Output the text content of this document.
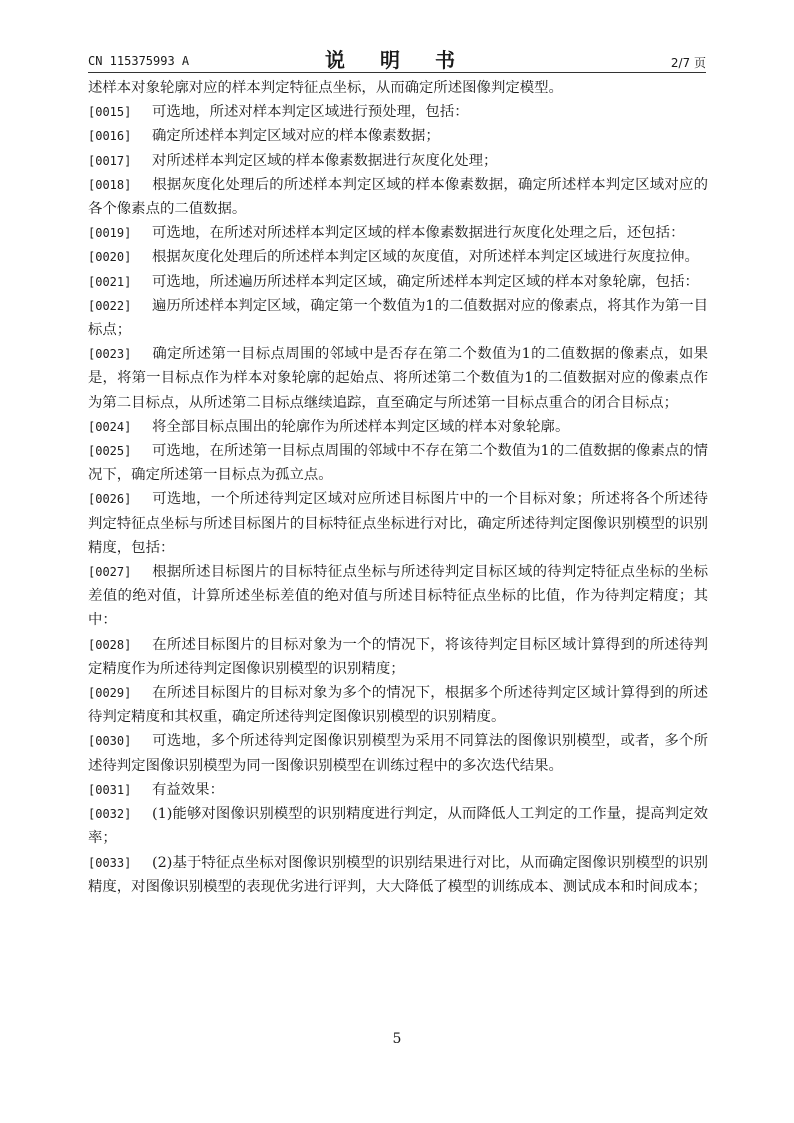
CN 115375993 A	说 明 书	2/7 页

述样本对象轮廓对应的样本判定特征点坐标，从而确定所述图像判定模型。

[0015] 可选地，所述对样本判定区域进行预处理，包括：

[0016] 确定所述样本判定区域对应的样本像素数据；

[0017] 对所述样本判定区域的样本像素数据进行灰度化处理；

[0018] 根据灰度化处理后的所述样本判定区域的样本像素数据，确定所述样本判定区域对应的各个像素点的二值数据。

[0019] 可选地，在所述对所述样本判定区域的样本像素数据进行灰度化处理之后，还包括：

[0020] 根据灰度化处理后的所述样本判定区域的灰度值，对所述样本判定区域进行灰度拉伸。

[0021] 可选地，所述遍历所述样本判定区域，确定所述样本判定区域的样本对象轮廓，包括：

[0022] 遍历所述样本判定区域，确定第一个数值为1的二值数据对应的像素点，将其作为第一目标点；

[0023] 确定所述第一目标点周围的邻域中是否存在第二个数值为1的二值数据的像素点，如果是，将第一目标点作为样本对象轮廓的起始点、将所述第二个数值为1的二值数据对应的像素点作为第二目标点，从所述第二目标点继续追踪，直至确定与所述第一目标点重合的闭合目标点；

[0024] 将全部目标点围出的轮廓作为所述样本判定区域的样本对象轮廓。

[0025] 可选地，在所述第一目标点周围的邻域中不存在第二个数值为1的二值数据的像素点的情况下，确定所述第一目标点为孤立点。

[0026] 可选地，一个所述待判定区域对应所述目标图片中的一个目标对象；所述将各个所述待判定特征点坐标与所述目标图片的目标特征点坐标进行对比，确定所述待判定图像识别模型的识别精度，包括：

[0027] 根据所述目标图片的目标特征点坐标与所述待判定目标区域的待判定特征点坐标的坐标差值的绝对值，计算所述坐标差值的绝对值与所述目标特征点坐标的比值，作为待判定精度；其中：

[0028] 在所述目标图片的目标对象为一个的情况下，将该待判定目标区域计算得到的所述待判定精度作为所述待判定图像识别模型的识别精度；

[0029] 在所述目标图片的目标对象为多个的情况下，根据多个所述待判定区域计算得到的所述待判定精度和其权重，确定所述待判定图像识别模型的识别精度。

[0030] 可选地，多个所述待判定图像识别模型为采用不同算法的图像识别模型，或者，多个所述待判定图像识别模型为同一图像识别模型在训练过程中的多次迭代结果。

[0031] 有益效果：

[0032] (1)能够对图像识别模型的识别精度进行判定，从而降低人工判定的工作量，提高判定效率；

[0033] (2)基于特征点坐标对图像识别模型的识别结果进行对比，从而确定图像识别模型的识别精度，对图像识别模型的表现优劣进行评判，大大降低了模型的训练成本、测试成本和时间成本；

5
